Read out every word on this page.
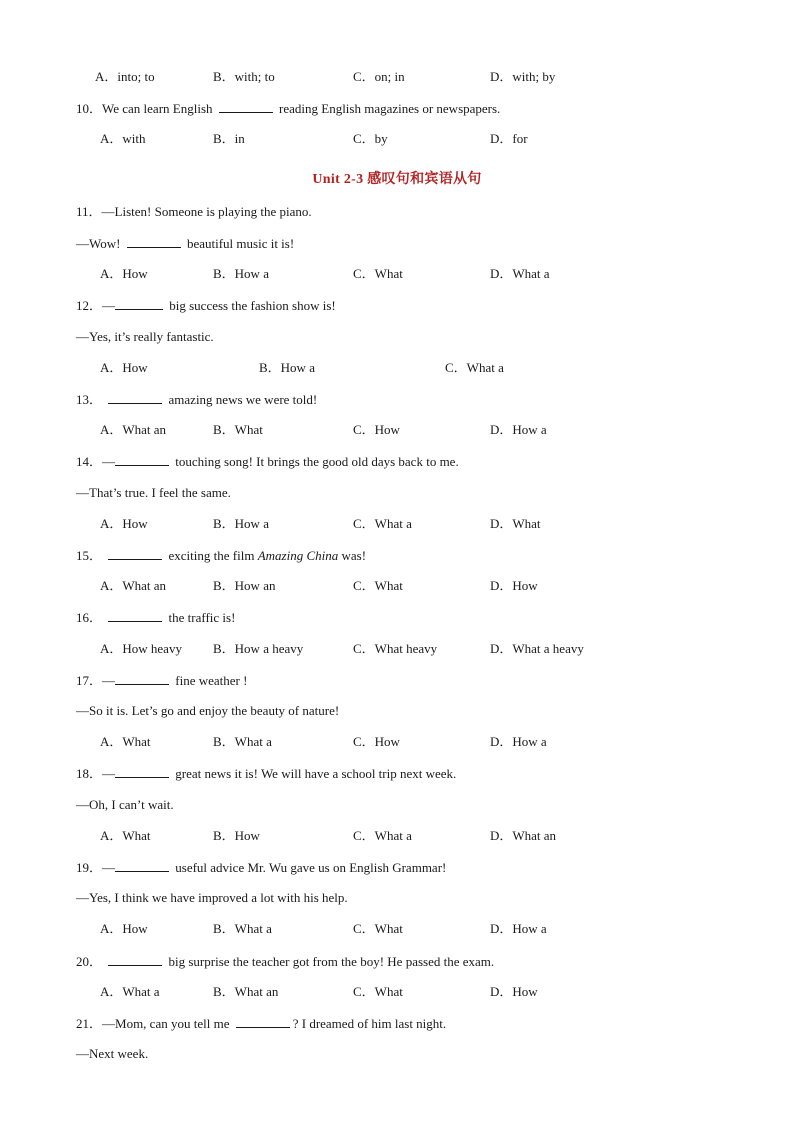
A．into; to	B．with; to	C．on; in	D．with; by
10．We can learn English	reading English magazines or newspapers.
A．with	B．in	C．by	D．for
Unit 2-3 感叹句和宾语从句
11．—Listen! Someone is playing the piano.
—Wow!	beautiful music it is!
A．How	B．How a	C．What	D．What a
12．—	big success the fashion show is!
—Yes, it’s really fantastic.
A．How	B．How a	C．What a
13．	amazing news we were told!
A．What an	B．What	C．How	D．How a
14．—	touching song! It brings the good old days back to me.
—That’s true. I feel the same.
A．How	B．How a	C．What a	D．What
15．	exciting the film Amazing China was!
A．What an	B．How an	C．What	D．How
16．	the traffic is!
A．How heavy B．How a heavy	C．What heavy	D．What a heavy
17．—	fine weather !
—So it is. Let’s go and enjoy the beauty of nature!
A．What	B．What a	C．How	D．How a
18．—	great news it is! We will have a school trip next week.
—Oh, I can’t wait.
A．What	B．How	C．What a	D．What an
19．—	useful advice Mr. Wu gave us on English Grammar!
—Yes, I think we have improved a lot with his help.
A．How	B．What a	C．What	D．How a
20．	big surprise the teacher got from the boy! He passed the exam.
A．What a	B．What an	C．What	D．How
21．—Mom, can you tell me	? I dreamed of him last night.
—Next week.
